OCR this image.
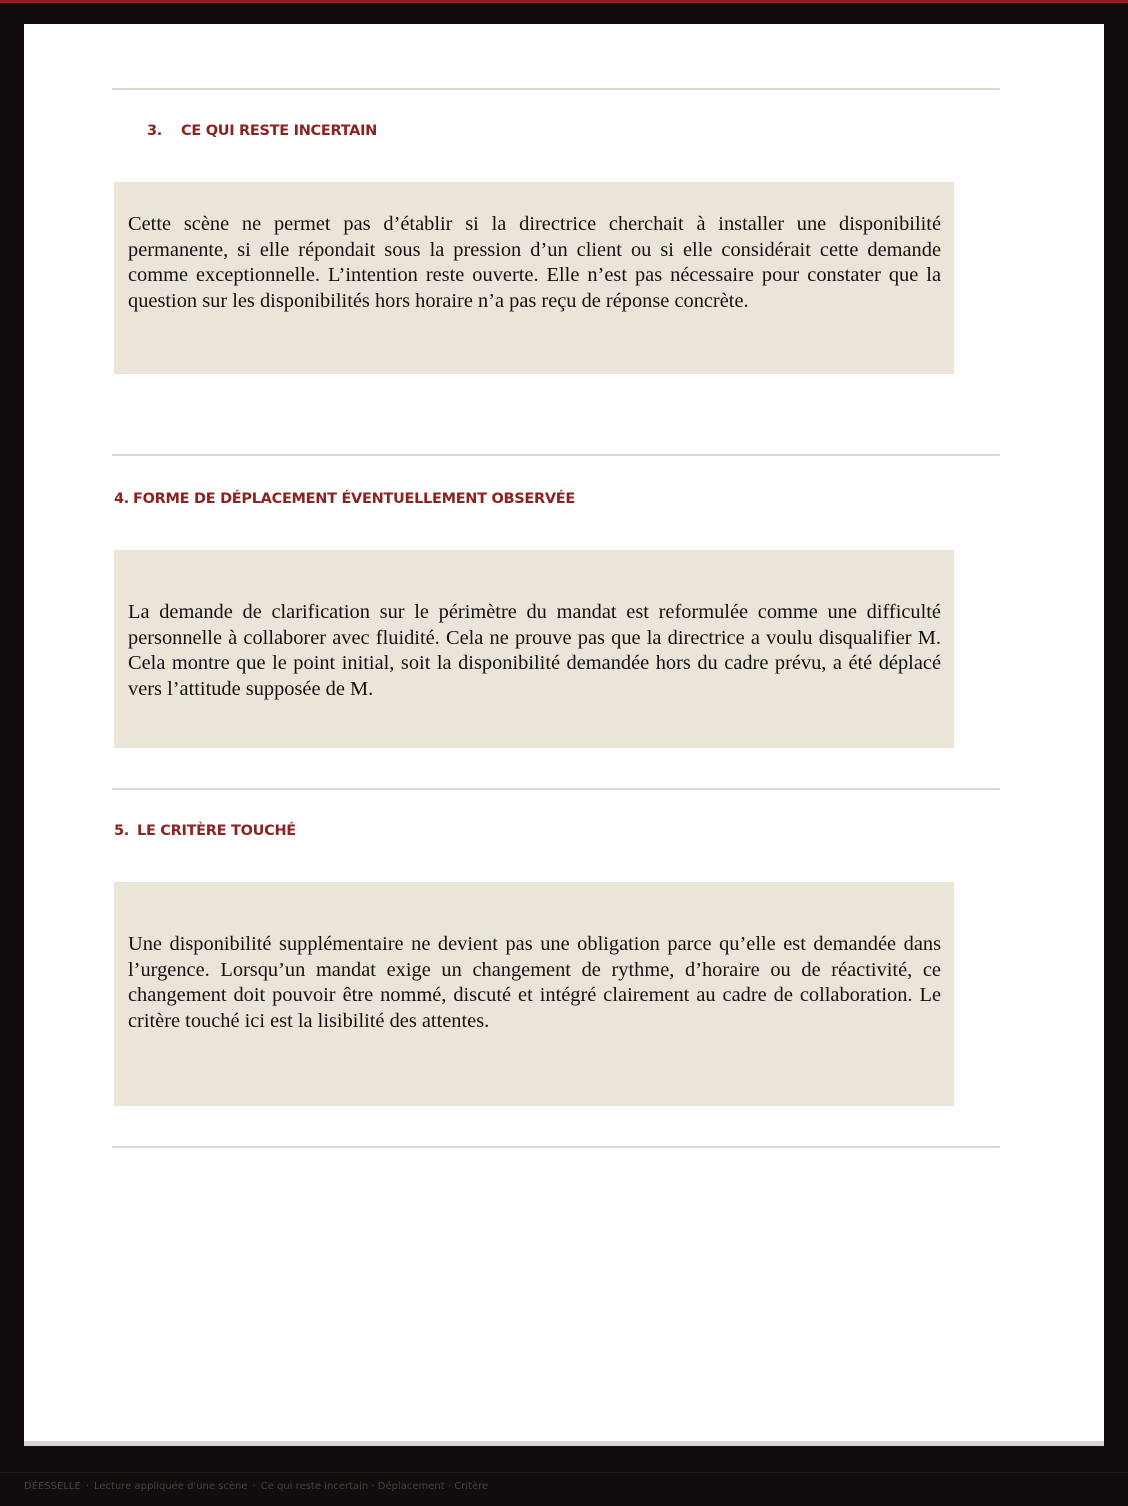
3. CE QUI RESTE INCERTAIN

Cette scène ne permet pas d’établir si la directrice cherchait à installer une disponibilité permanente, si elle répondait sous la pression d’un client ou si elle considérait cette demande comme exceptionnelle. L’intention reste ouverte. Elle n’est pas nécessaire pour constater que la question sur les disponibilités hors horaire n’a pas reçu de réponse concrète.

4. FORME DE DÉPLACEMENT ÉVENTUELLEMENT OBSERVÉE

La demande de clarification sur le périmètre du mandat est reformulée comme une difficulté personnelle à collaborer avec fluidité. Cela ne prouve pas que la directrice a voulu disqualifier M. Cela montre que le point initial, soit la disponibilité demandée hors du cadre prévu, a été déplacé vers l’attitude supposée de M.

5. LE CRITÈRE TOUCHÉ

Une disponibilité supplémentaire ne devient pas une obligation parce qu’elle est demandée dans l’urgence. Lorsqu’un mandat exige un changement de rythme, d’horaire ou de réactivité, ce changement doit pouvoir être nommé, discuté et intégré clairement au cadre de collaboration. Le critère touché ici est la lisibilité des attentes.

DÉESSELLE · Lecture appliquée d'une scène · Ce qui reste incertain · Déplacement · Critère
